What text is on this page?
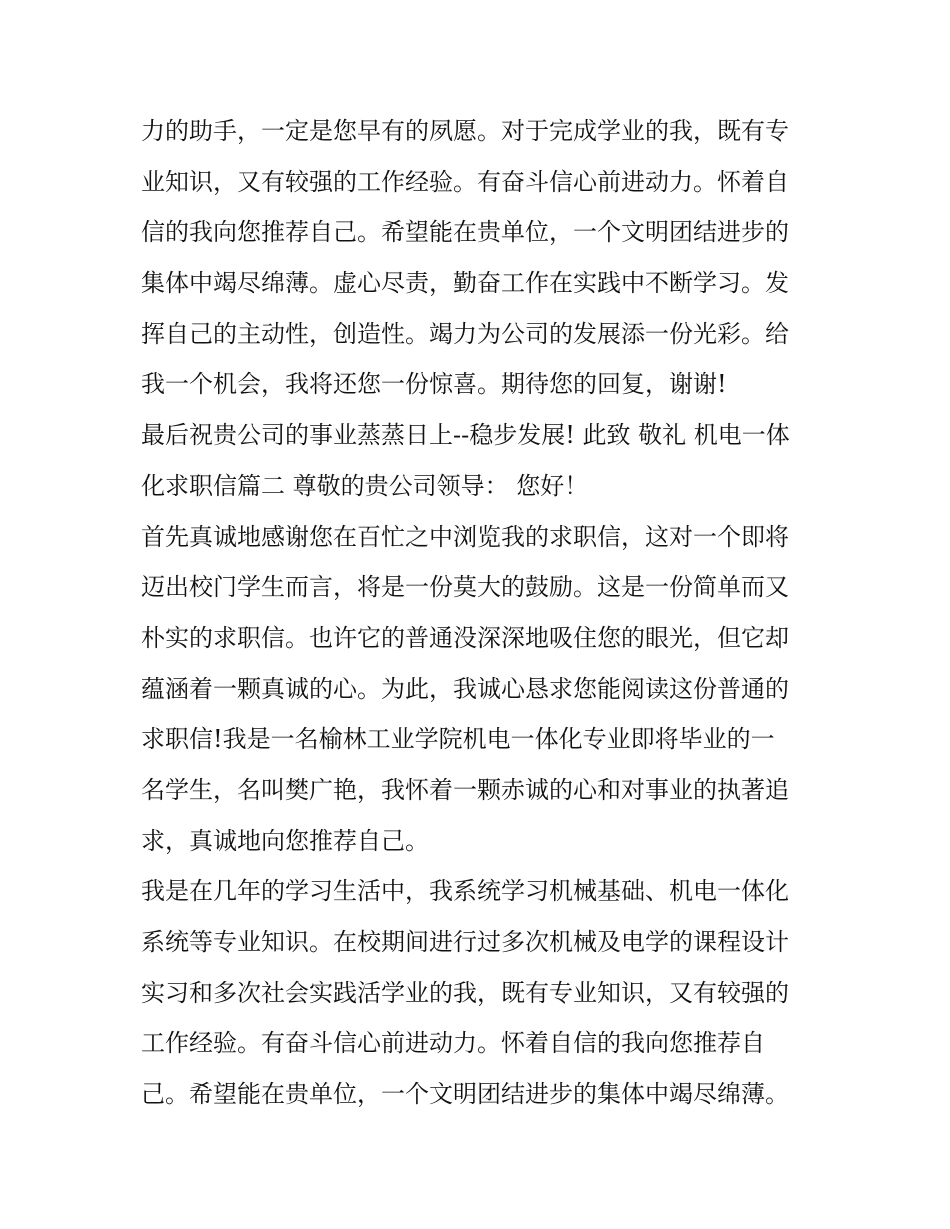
力的助手，一定是您早有的夙愿。对于完成学业的我，既有专
业知识，又有较强的工作经验。有奋斗信心前进动力。怀着自
信的我向您推荐自己。希望能在贵单位，一个文明团结进步的
集体中竭尽绵薄。虚心尽责，勤奋工作在实践中不断学习。发
挥自己的主动性，创造性。竭力为公司的发展添一份光彩。给
我一个机会，我将还您一份惊喜。期待您的回复，谢谢!
最后祝贵公司的事业蒸蒸日上--稳步发展! 此致 敬礼 机电一体
化求职信篇二 尊敬的贵公司领导： 您好！
首先真诚地感谢您在百忙之中浏览我的求职信，这对一个即将
迈出校门学生而言，将是一份莫大的鼓励。这是一份简单而又
朴实的求职信。也许它的普通没深深地吸住您的眼光，但它却
蕴涵着一颗真诚的心。为此，我诚心恳求您能阅读这份普通的
求职信!我是一名榆林工业学院机电一体化专业即将毕业的一
名学生，名叫樊广艳，我怀着一颗赤诚的心和对事业的执著追
求，真诚地向您推荐自己。
我是在几年的学习生活中，我系统学习机械基础、机电一体化
系统等专业知识。在校期间进行过多次机械及电学的课程设计
实习和多次社会实践活学业的我，既有专业知识，又有较强的
工作经验。有奋斗信心前进动力。怀着自信的我向您推荐自
己。希望能在贵单位，一个文明团结进步的集体中竭尽绵薄。
